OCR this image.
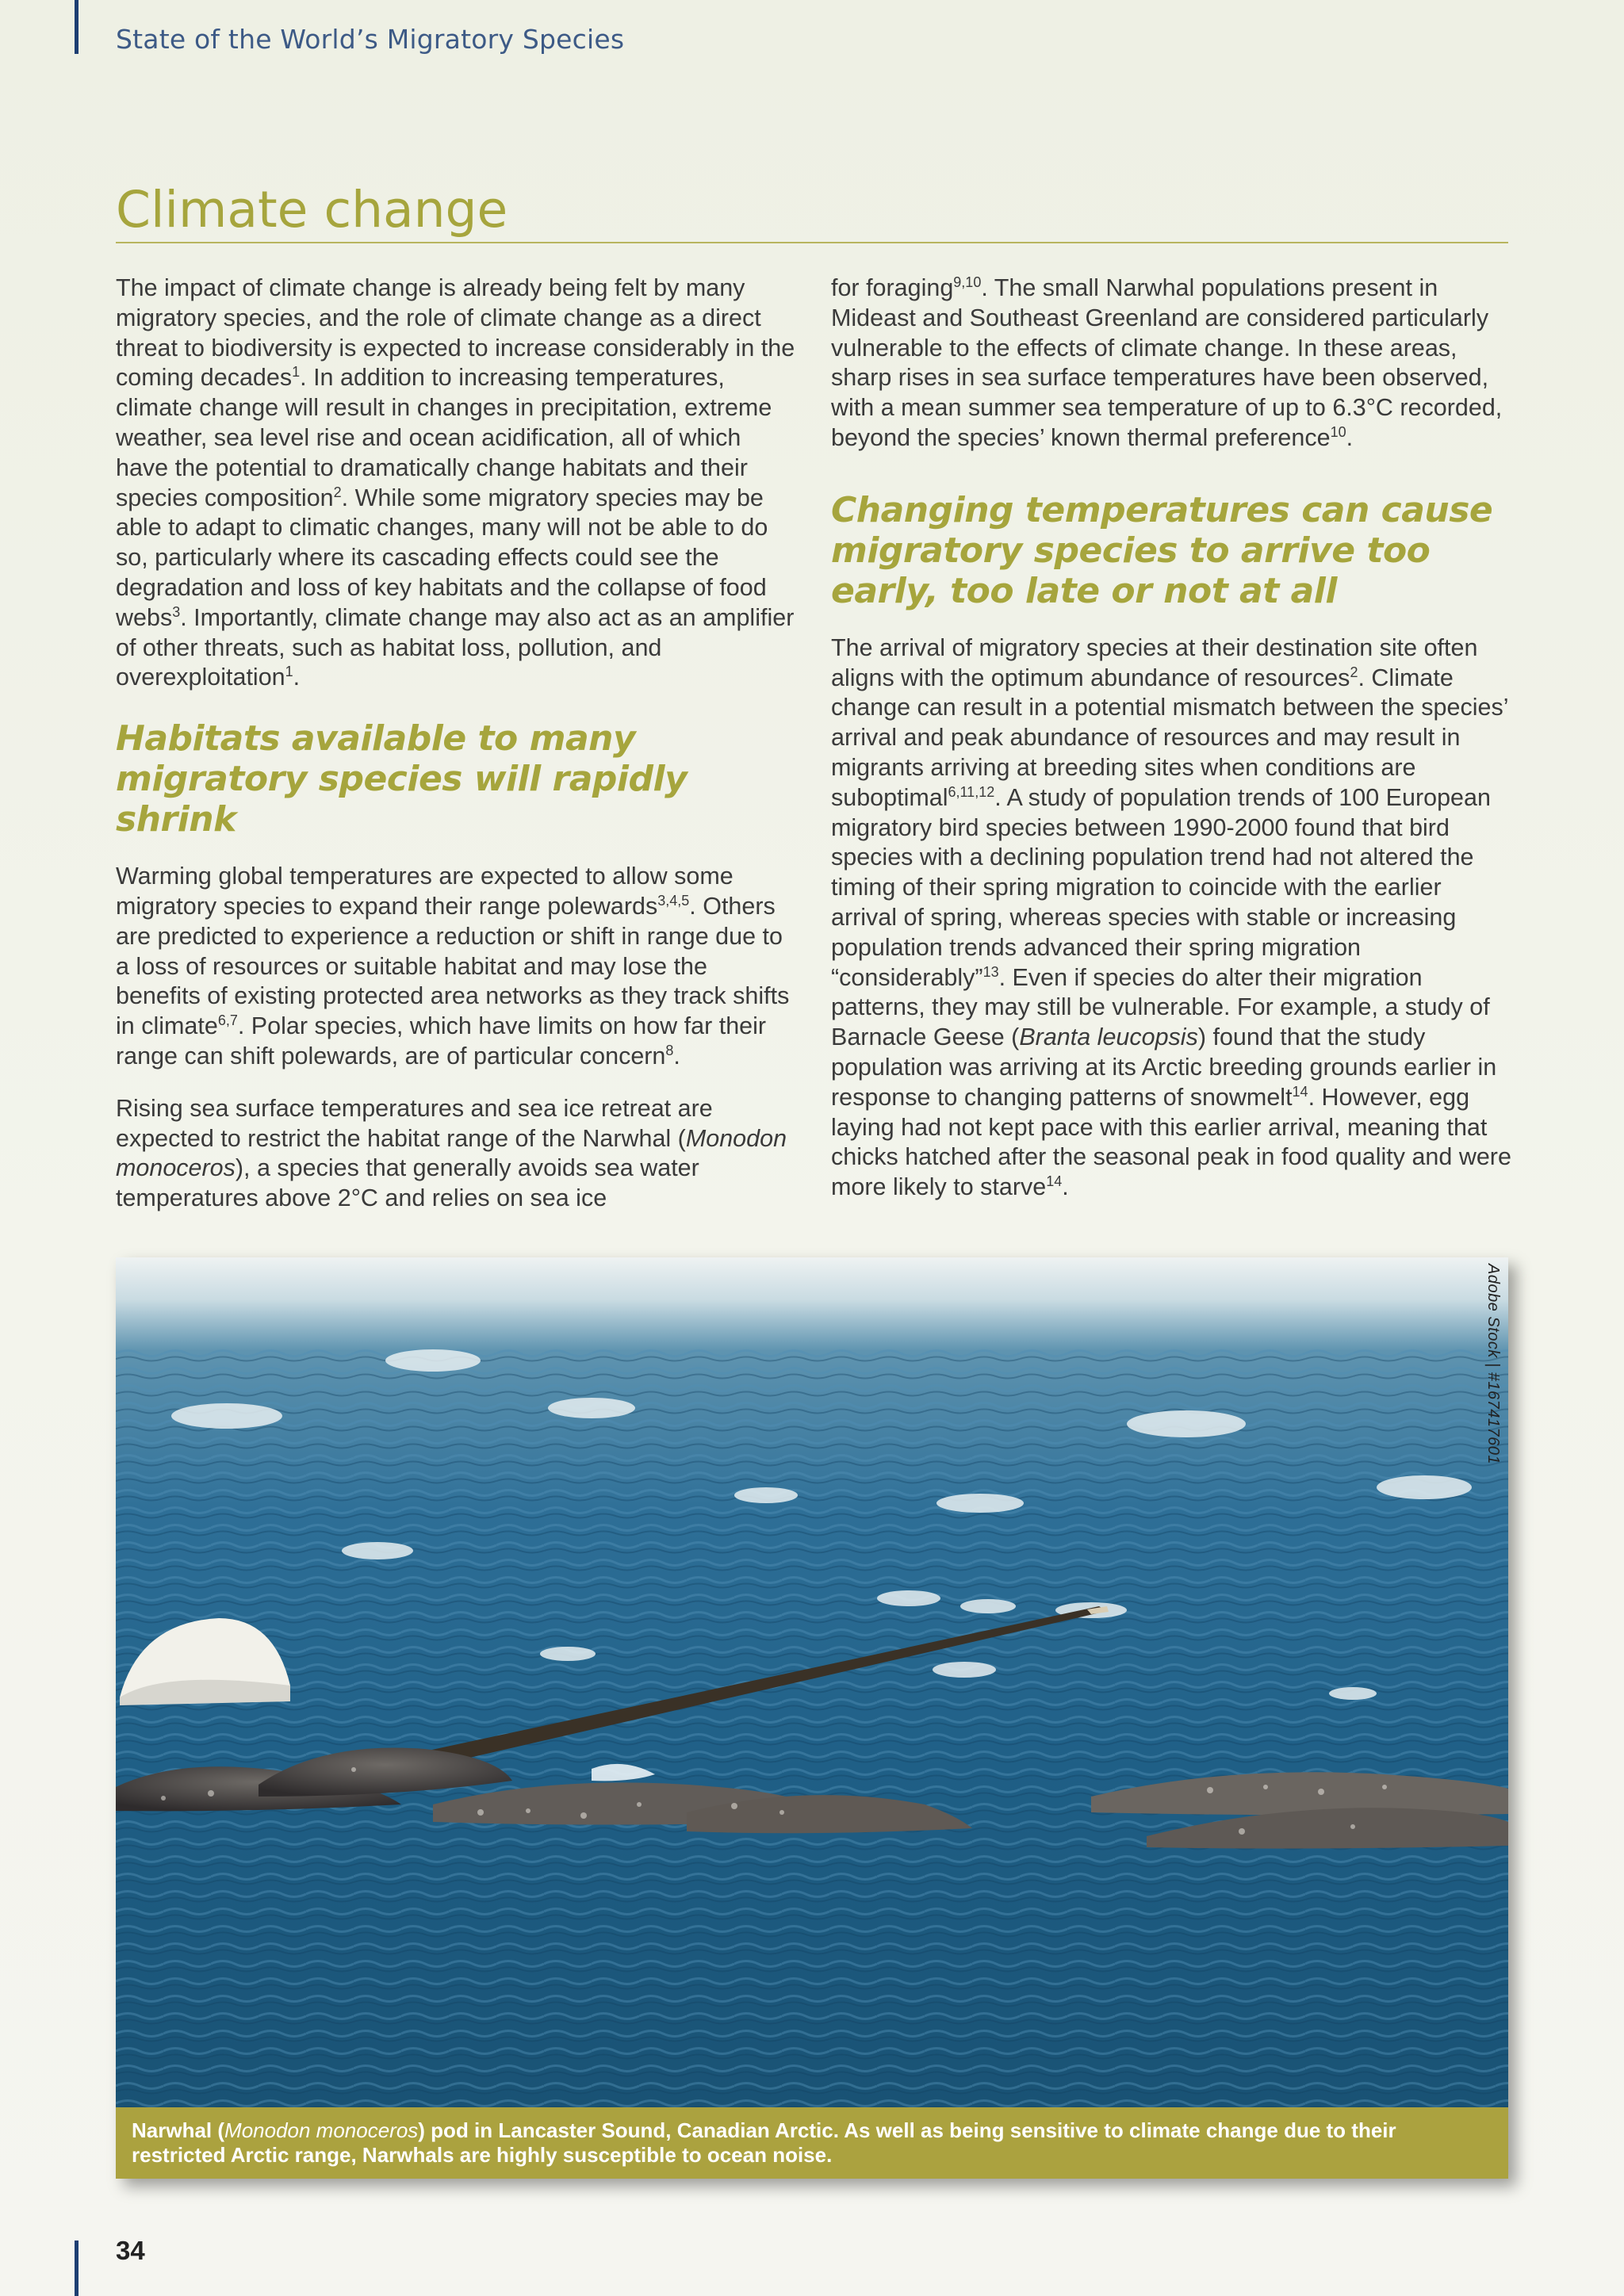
State of the World’s Migratory Species
Climate change

The impact of climate change is already being felt by many migratory species, and the role of climate change as a direct threat to biodiversity is expected to increase considerably in the coming decades$^1$. In addition to increasing temperatures, climate change will result in changes in precipitation, extreme weather, sea level rise and ocean acidification, all of which have the potential to dramatically change habitats and their species composition$^2$. While some migratory species may be able to adapt to climatic changes, many will not be able to do so, particularly where its cascading effects could see the degradation and loss of key habitats and the collapse of food webs$^3$. Importantly, climate change may also act as an amplifier of other threats, such as habitat loss, pollution, and overexploitation$^1$.

Habitats available to many migratory species will rapidly shrink

Warming global temperatures are expected to allow some migratory species to expand their range polewards$^{3,4,5}$. Others are predicted to experience a reduction or shift in range due to a loss of resources or suitable habitat and may lose the benefits of existing protected area networks as they track shifts in climate$^{6,7}$. Polar species, which have limits on how far their range can shift polewards, are of particular concern$^8$.

Rising sea surface temperatures and sea ice retreat are expected to restrict the habitat range of the Narwhal (Monodon monoceros), a species that generally avoids sea water temperatures above 2°C and relies on sea ice

for foraging$^{9,10}$. The small Narwhal populations present in Mideast and Southeast Greenland are considered particularly vulnerable to the effects of climate change. In these areas, sharp rises in sea surface temperatures have been observed, with a mean summer sea temperature of up to 6.3°C recorded, beyond the species’ known thermal preference$^{10}$.

Changing temperatures can cause migratory species to arrive too early, too late or not at all

The arrival of migratory species at their destination site often aligns with the optimum abundance of resources$^2$. Climate change can result in a potential mismatch between the species’ arrival and peak abundance of resources and may result in migrants arriving at breeding sites when conditions are suboptimal$^{6,11,12}$. A study of population trends of 100 European migratory bird species between 1990-2000 found that bird species with a declining population trend had not altered the timing of their spring migration to coincide with the earlier arrival of spring, whereas species with stable or increasing population trends advanced their spring migration “considerably”$^{13}$. Even if species do alter their migration patterns, they may still be vulnerable. For example, a study of Barnacle Geese (Branta leucopsis) found that the study population was arriving at its Arctic breeding grounds earlier in response to changing patterns of snowmelt$^{14}$. However, egg laying had not kept pace with this earlier arrival, meaning that chicks hatched after the seasonal peak in food quality and were more likely to starve$^{14}$.

Adobe Stock | #167417601
Narwhal (Monodon monoceros) pod in Lancaster Sound, Canadian Arctic. As well as being sensitive to climate change due to their restricted Arctic range, Narwhals are highly susceptible to ocean noise.
34
